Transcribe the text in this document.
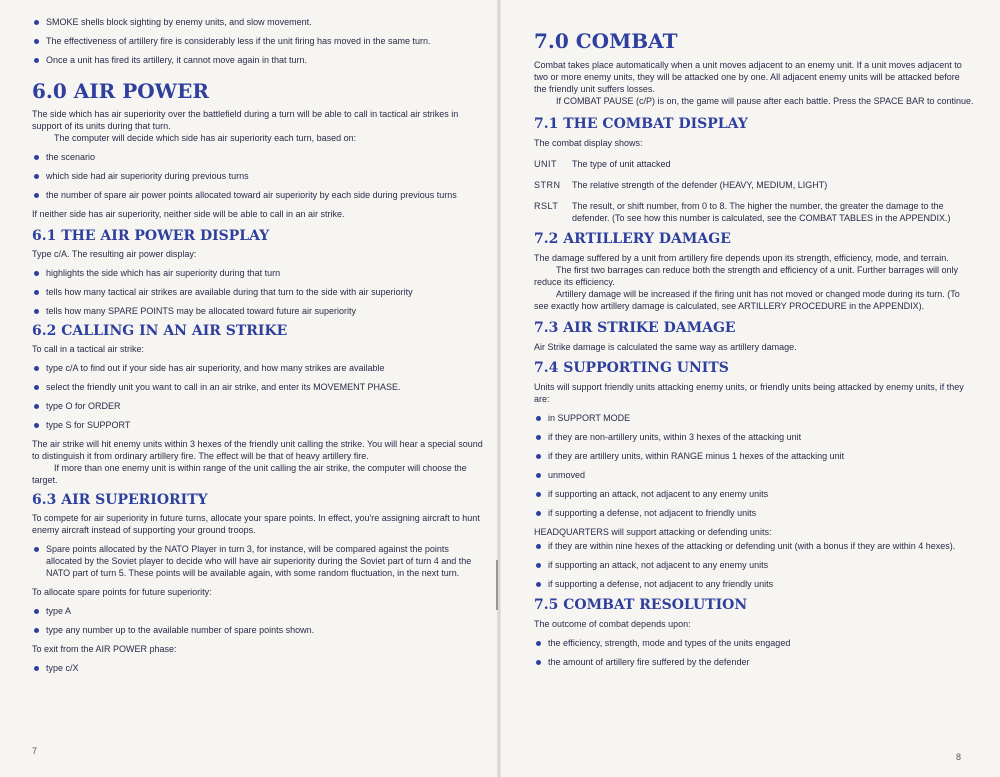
SMOKE shells block sighting by enemy units, and slow movement.
The effectiveness of artillery fire is considerably less if the unit firing has moved in the same turn.
Once a unit has fired its artillery, it cannot move again in that turn.
6.0 AIR POWER

The side which has air superiority over the battlefield during a turn will be able to call in tactical air strikes in support of its units during that turn.

The computer will decide which side has air superiority each turn, based on:

the scenario
which side had air superiority during previous turns
the number of spare air power points allocated toward air superiority by each side during previous turns

If neither side has air superiority, neither side will be able to call in an air strike.

6.1 THE AIR POWER DISPLAY

Type c/A. The resulting air power display:

highlights the side which has air superiority during that turn
tells how many tactical air strikes are available during that turn to the side with air superiority
tells how many SPARE POINTS may be allocated toward future air superiority
6.2 CALLING IN AN AIR STRIKE

To call in a tactical air strike:

type c/A to find out if your side has air superiority, and how many strikes are available
select the friendly unit you want to call in an air strike, and enter its MOVEMENT PHASE.
type O for ORDER
type S for SUPPORT

The air strike will hit enemy units within 3 hexes of the friendly unit calling the strike. You will hear a special sound to distinguish it from ordinary artillery fire. The effect will be that of heavy artillery fire.

If more than one enemy unit is within range of the unit calling the air strike, the computer will choose the target.

6.3 AIR SUPERIORITY

To compete for air superiority in future turns, allocate your spare points. In effect, you're assigning aircraft to hunt enemy aircraft instead of supporting your ground troops.

Spare points allocated by the NATO Player in turn 3, for instance, will be compared against the points allocated by the Soviet player to decide who will have air superiority during the Soviet part of turn 4 and the NATO part of turn 5. These points will be available again, with some random fluctuation, in the next turn.

To allocate spare points for future superiority:

type A
type any number up to the available number of spare points shown.

To exit from the AIR POWER phase:

type c/X
7
7.0 COMBAT

Combat takes place automatically when a unit moves adjacent to an enemy unit. If a unit moves adjacent to two or more enemy units, they will be attacked one by one. All adjacent enemy units will be attacked before the friendly unit suffers losses.

If COMBAT PAUSE (c/P) is on, the game will pause after each battle. Press the SPACE BAR to continue.

7.1 THE COMBAT DISPLAY

The combat display shows:

UNIT	The type of unit attacked
STRN	The relative strength of the defender (HEAVY, MEDIUM, LIGHT)
RSLT	The result, or shift number, from 0 to 8. The higher the number, the greater the damage to the defender. (To see how this number is calculated, see the COMBAT TABLES in the APPENDIX.)
7.2 ARTILLERY DAMAGE

The damage suffered by a unit from artillery fire depends upon its strength, efficiency, mode, and terrain.

The first two barrages can reduce both the strength and efficiency of a unit. Further barrages will only reduce its efficiency.

Artillery damage will be increased if the firing unit has not moved or changed mode during its turn. (To see exactly how artillery damage is calculated, see ARTILLERY PROCEDURE in the APPENDIX).

7.3 AIR STRIKE DAMAGE

Air Strike damage is calculated the same way as artillery damage.

7.4 SUPPORTING UNITS

Units will support friendly units attacking enemy units, or friendly units being attacked by enemy units, if they are:

in SUPPORT MODE
if they are non-artillery units, within 3 hexes of the attacking unit
if they are artillery units, within RANGE minus 1 hexes of the attacking unit
unmoved
if supporting an attack, not adjacent to any enemy units
if supporting a defense, not adjacent to friendly units

HEADQUARTERS will support attacking or defending units:

if they are within nine hexes of the attacking or defending unit (with a bonus if they are within 4 hexes).
if supporting an attack, not adjacent to any enemy units
if supporting a defense, not adjacent to any friendly units
7.5 COMBAT RESOLUTION

The outcome of combat depends upon:

the efficiency, strength, mode and types of the units engaged
the amount of artillery fire suffered by the defender
8
